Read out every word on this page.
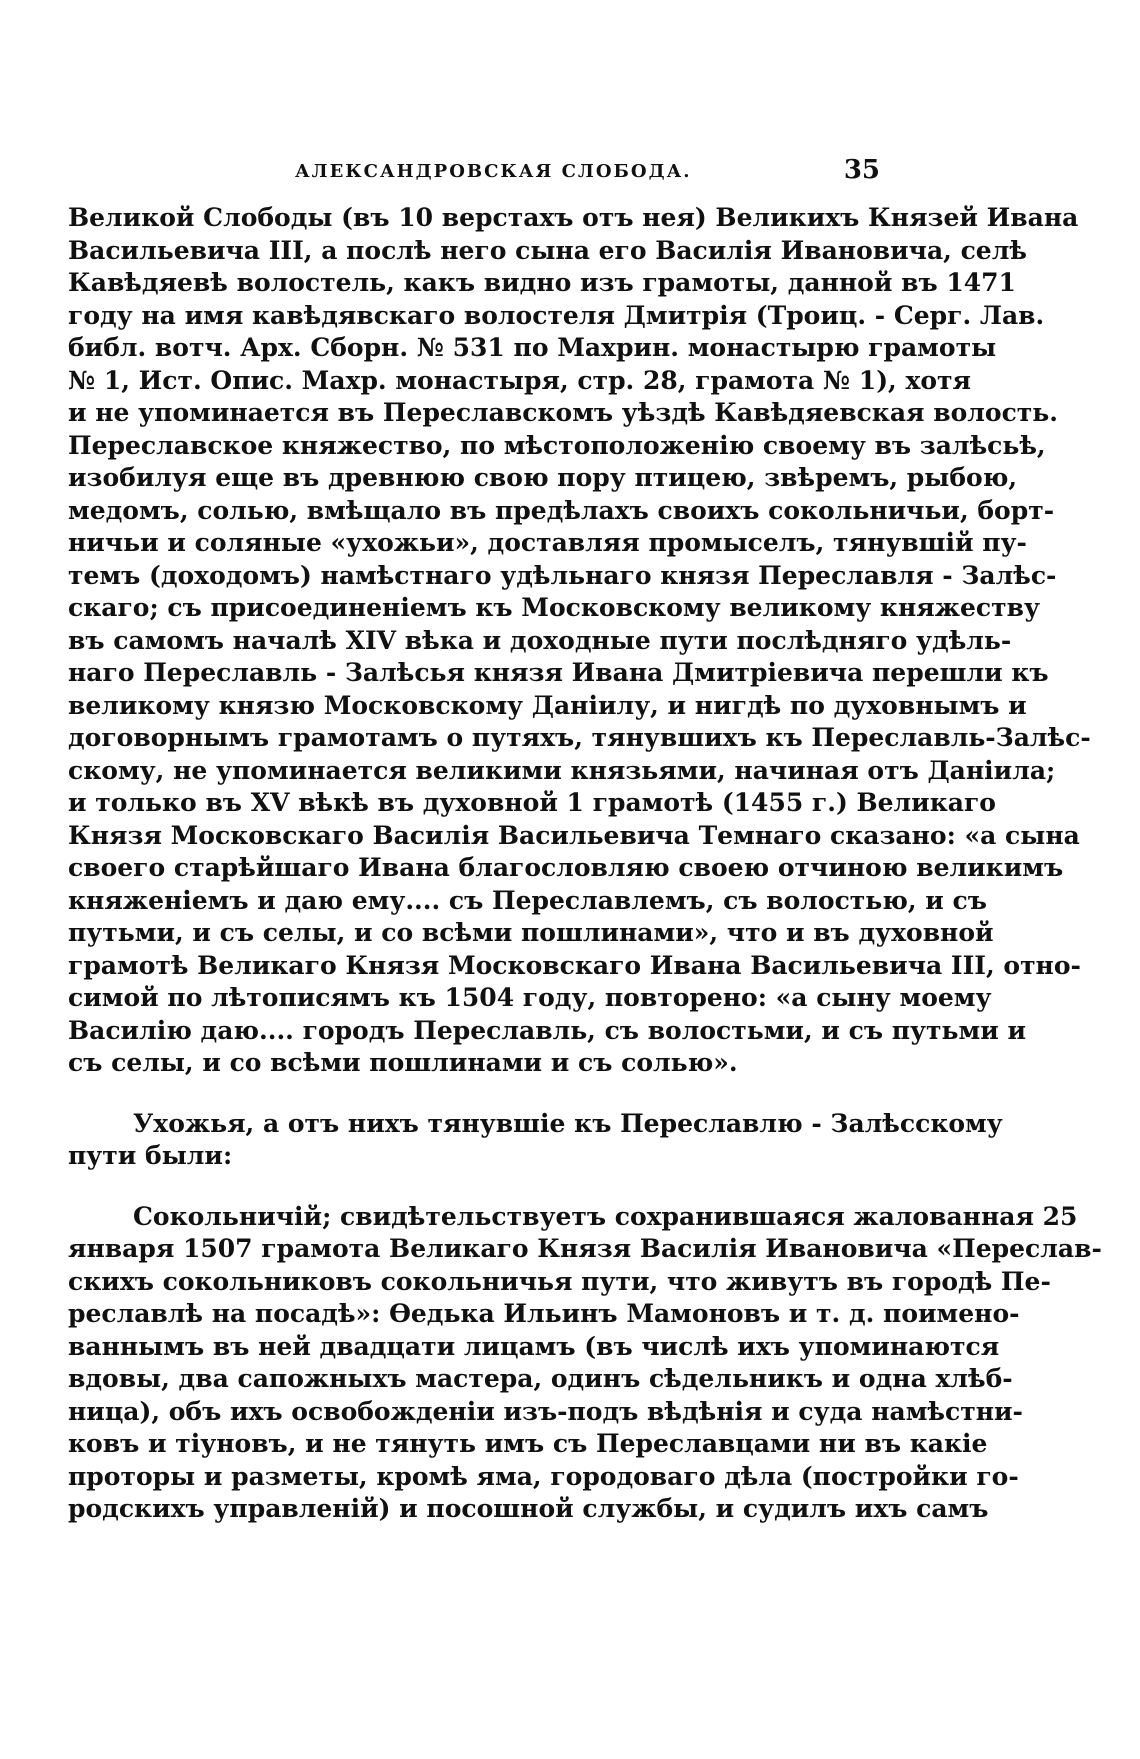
АЛЕКСАНДРОВСКАЯ СЛОБОДА.	35
Великой Слободы (въ 10 верстахъ отъ нея) Великихъ Князей Ивана
Васильевича III, а послѣ него сына его Василія Ивановича, селѣ
Кавѣдяевѣ волостель, какъ видно изъ грамоты, данной въ 1471
году на имя кавѣдявскаго волостеля Дмитрія (Троиц. - Серг. Лав.
библ. вотч. Арх. Сборн. № 531 по Махрин. монастырю грамоты
№ 1, Ист. Опис. Махр. монастыря, стр. 28, грамота № 1), хотя
и не упоминается въ Переславскомъ уѣздѣ Кавѣдяевская волость.
Переславское княжество, по мѣстоположенію своему въ залѣсьѣ,
изобилуя еще въ древнюю свою пору птицею, звѣремъ, рыбою,
медомъ, солью, вмѣщало въ предѣлахъ своихъ сокольничьи, борт-
ничьи и соляные «ухожьи», доставляя промыселъ, тянувшій пу-
темъ (доходомъ) намѣстнаго удѣльнаго князя Переславля - Залѣс-
скаго; съ присоединеніемъ къ Московскому великому княжеству
въ самомъ началѣ XIV вѣка и доходные пути послѣдняго удѣль-
наго Переславль - Залѣсья князя Ивана Дмитріевича перешли къ
великому князю Московскому Даніилу, и нигдѣ по духовнымъ и
договорнымъ грамотамъ о путяхъ, тянувшихъ къ Переславль-Залѣс-
скому, не упоминается великими князьями, начиная отъ Даніила;
и только въ XV вѣкѣ въ духовной 1 грамотѣ (1455 г.) Великаго
Князя Московскаго Василія Васильевича Темнаго сказано: «а сына
своего старѣйшаго Ивана благословляю своею отчиною великимъ
княженіемъ и даю ему.... съ Переславлемъ, съ волостью, и съ
путьми, и съ селы, и со всѣми пошлинами», что и въ духовной
грамотѣ Великаго Князя Московскаго Ивана Васильевича III, отно-
симой по лѣтописямъ къ 1504 году, повторено: «а сыну моему
Василію даю.... городъ Переславль, съ волостьми, и съ путьми и
съ селы, и со всѣми пошлинами и съ солью».
Ухожья, а отъ нихъ тянувшіе къ Переславлю - Залѣсскому
пути были:
Сокольничій; свидѣтельствуетъ сохранившаяся жалованная 25
января 1507 грамота Великаго Князя Василія Ивановича «Переслав-
скихъ сокольниковъ сокольничья пути, что живутъ въ городѣ Пе-
реславлѣ на посадѣ»: Ѳедька Ильинъ Мамоновъ и т. д. поимено-
ваннымъ въ ней двадцати лицамъ (въ числѣ ихъ упоминаются
вдовы, два сапожныхъ мастера, одинъ сѣдельникъ и одна хлѣб-
ница), объ ихъ освобожденіи изъ-подъ вѣдѣнія и суда намѣстни-
ковъ и тіуновъ, и не тянуть имъ съ Переславцами ни въ какіе
проторы и разметы, кромѣ яма, городоваго дѣла (постройки го-
родскихъ управленій) и посошной службы, и судилъ ихъ самъ
